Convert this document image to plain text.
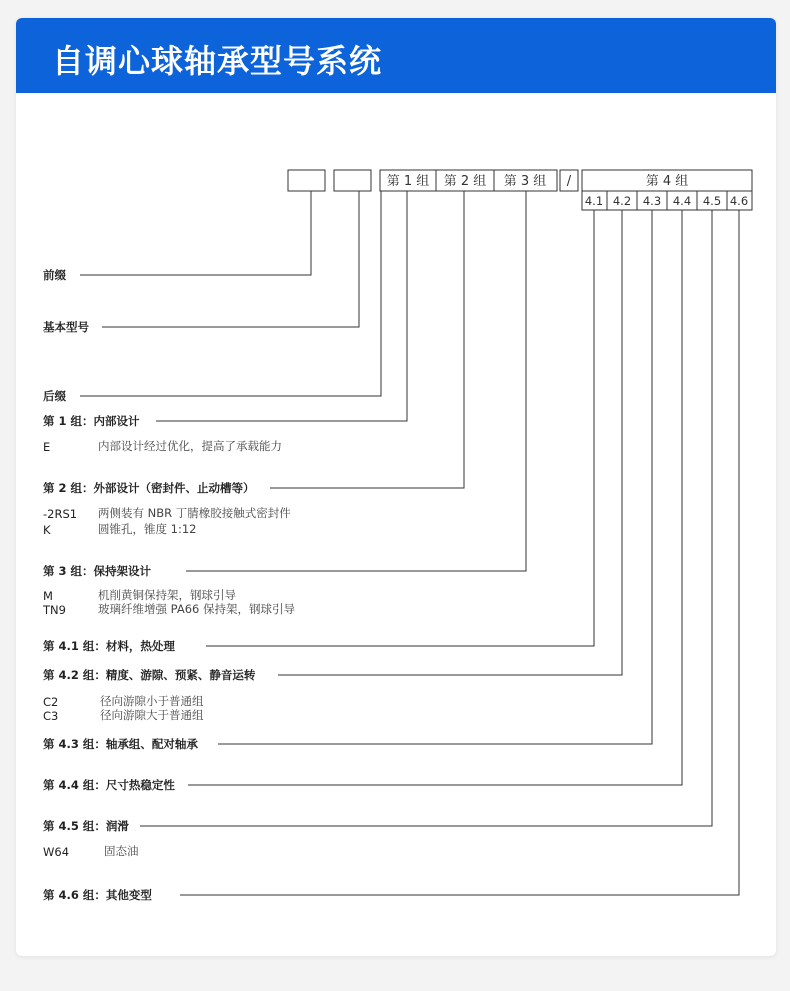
自调心球轴承型号系统
第 1 组 第 2 组 第 3 组 /	第 4 组
4.1 4.2 4.3 4.4 4.5 4.6
前缀
基本型号
后缀
第 1 组：内部设计
E	内部设计经过优化，提高了承载能力
第 2 组：外部设计（密封件、止动槽等）
-2RS1 两侧装有 NBR 丁腈橡胶接触式密封件
K	圆锥孔，锥度 1:12
第 3 组：保持架设计
M	机削黄铜保持架，钢球引导
TN9	玻璃纤维增强 PA66 保持架，钢球引导
第 4.1 组：材料，热处理
第 4.2 组：精度、游隙、预紧、静音运转
C2	径向游隙小于普通组
C3	径向游隙大于普通组
第 4.3 组：轴承组、配对轴承
第 4.4 组：尺寸热稳定性
第 4.5 组：润滑
W64	固态油
第 4.6 组：其他变型
